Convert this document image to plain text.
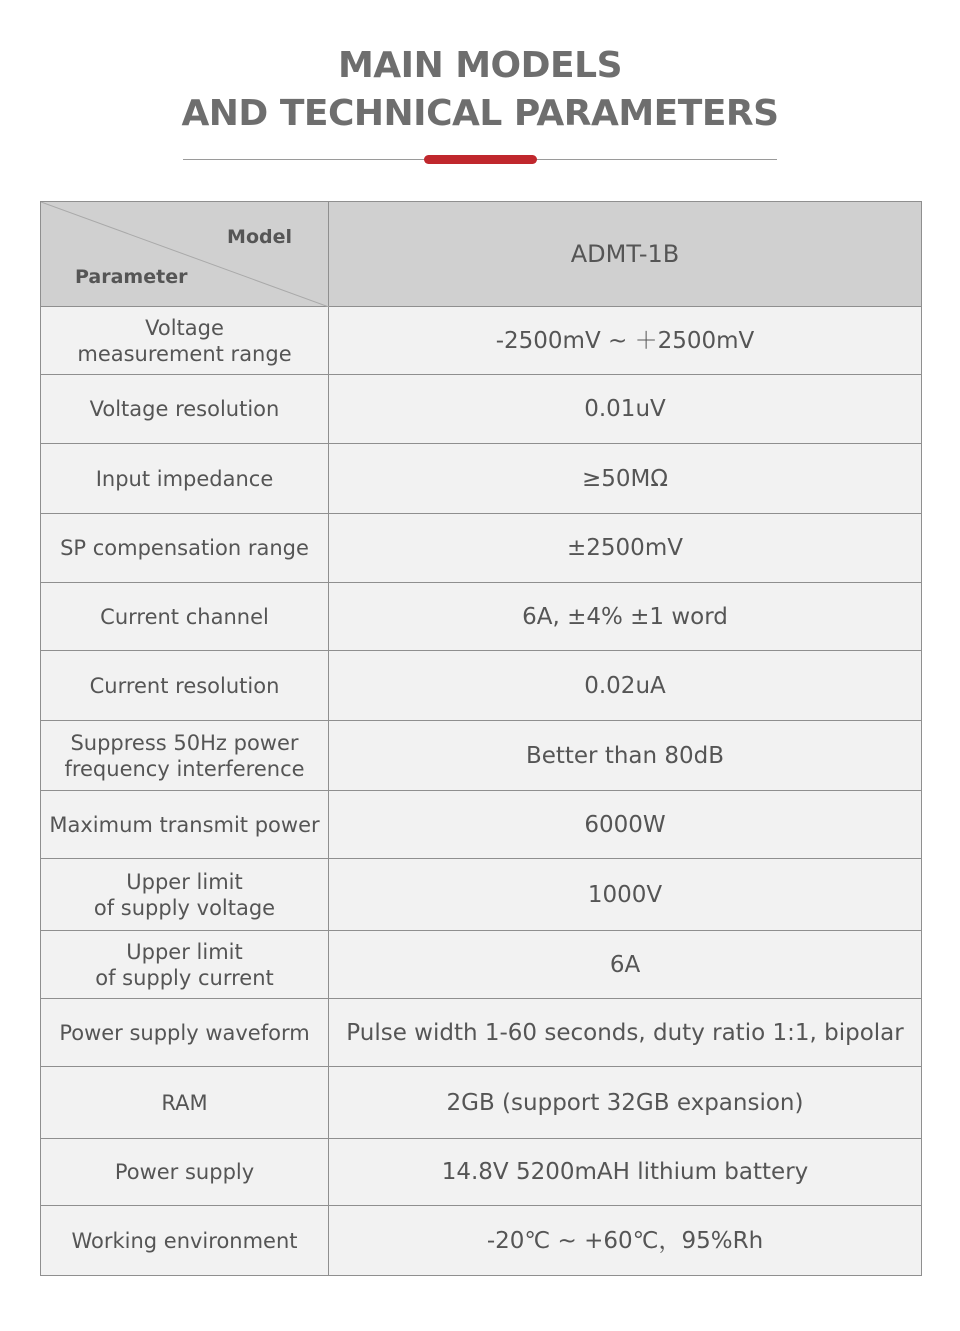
MAIN MODELS
AND TECHNICAL PARAMETERS
Model
Parameter	ADMT-1B
Voltage
measurement range	-2500mV ~ ＋2500mV
Voltage resolution	0.01uV
Input impedance	≥50MΩ
SP compensation range	±2500mV
Current channel	6A, ±4% ±1 word
Current resolution	0.02uA
Suppress 50Hz power
frequency interference	Better than 80dB
Maximum transmit power	6000W
Upper limit
of supply voltage	1000V
Upper limit
of supply current	6A
Power supply waveform	Pulse width 1-60 seconds, duty ratio 1:1, bipolar
RAM	2GB (support 32GB expansion)
Power supply	14.8V 5200mAH lithium battery
Working environment	-20℃ ~ +60℃，95%Rh
